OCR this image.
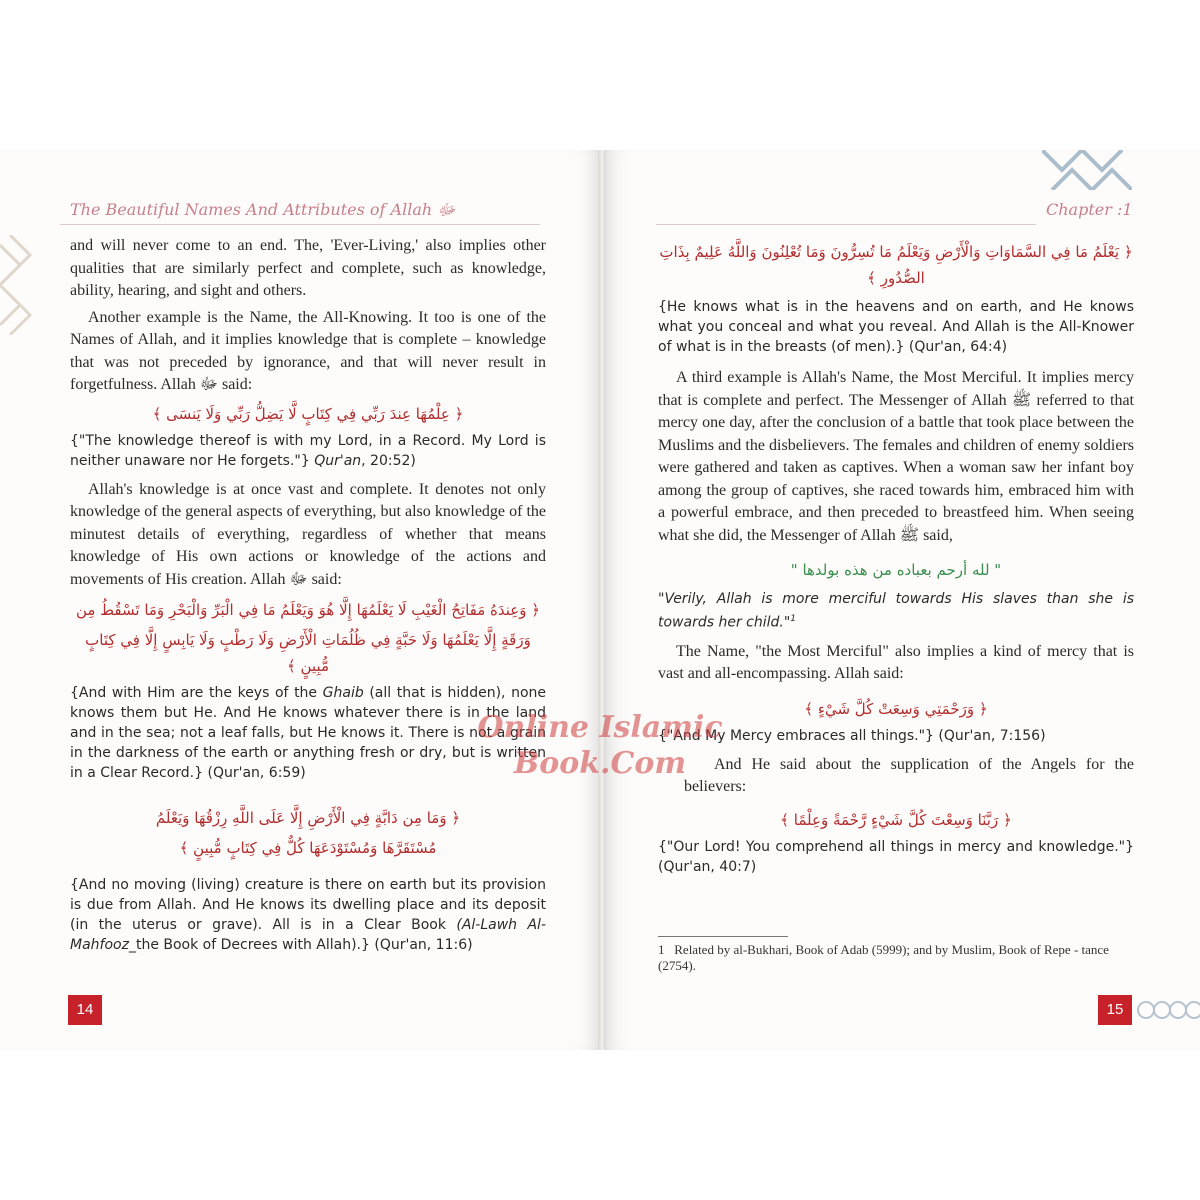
The Beautiful Names And Attributes of Allah ﷻ

and will never come to an end. The, 'Ever-Living,' also implies other qualities that are similarly perfect and complete, such as knowledge, ability, hearing, and sight and others.

Another example is the Name, the All-Knowing. It too is one of the Names of Allah, and it implies knowledge that is complete – knowledge that was not preceded by ignorance, and that will never result in forgetfulness. Allah ﷻ said:

﴿ عِلْمُهَا عِندَ رَبِّي فِي كِتَابٍ لَّا يَضِلُّ رَبِّي وَلَا يَنسَى ﴾
{"The knowledge thereof is with my Lord, in a Record. My Lord is neither unaware nor He forgets."} Qur'an, 20:52)

Allah's knowledge is at once vast and complete. It denotes not only knowledge of the general aspects of everything, but also knowledge of the minutest details of everything, regardless of whether that means knowledge of His own actions or knowledge of the actions and movements of His creation. Allah ﷻ said:

﴿ وَعِندَهُ مَفَاتِحُ الْغَيْبِ لَا يَعْلَمُهَا إِلَّا هُوَ وَيَعْلَمُ مَا فِي الْبَرِّ وَالْبَحْرِ وَمَا تَسْقُطُ مِن
وَرَقَةٍ إِلَّا يَعْلَمُهَا وَلَا حَبَّةٍ فِي ظُلُمَاتِ الْأَرْضِ وَلَا رَطْبٍ وَلَا يَابِسٍ إِلَّا فِي كِتَابٍ مُّبِينٍ ﴾
{And with Him are the keys of the Ghaib (all that is hidden), none knows them but He. And He knows whatever there is in the land and in the sea; not a leaf falls, but He knows it. There is not a grain in the darkness of the earth or anything fresh or dry, but is written in a Clear Record.} (Qur'an, 6:59)
﴿ وَمَا مِن دَابَّةٍ فِي الْأَرْضِ إِلَّا عَلَى اللَّهِ رِزْقُهَا وَيَعْلَمُ
مُسْتَقَرَّهَا وَمُسْتَوْدَعَهَا كُلٌّ فِي كِتَابٍ مُّبِينٍ ﴾
{And no moving (living) creature is there on earth but its provision is due from Allah. And He knows its dwelling place and its deposit (in the uterus or grave). All is in a Clear Book (Al-Lawh Al-Mahfooz_the Book of Decrees with Allah).} (Qur'an, 11:6)
14
Chapter :1
﴿ يَعْلَمُ مَا فِي السَّمَاوَاتِ وَالْأَرْضِ وَيَعْلَمُ مَا تُسِرُّونَ وَمَا تُعْلِنُونَ وَاللَّهُ عَلِيمٌ بِذَاتِ الصُّدُورِ ﴾
{He knows what is in the heavens and on earth, and He knows what you conceal and what you reveal. And Allah is the All-Knower of what is in the breasts (of men).} (Qur'an, 64:4)

A third example is Allah's Name, the Most Merciful. It implies mercy that is complete and perfect. The Messenger of Allah ﷺ referred to that mercy one day, after the conclusion of a battle that took place between the Muslims and the disbelievers. The females and children of enemy soldiers were gathered and taken as captives. When a woman saw her infant boy among the group of captives, she raced towards him, embraced him with a powerful embrace, and then preceded to breastfeed him. When seeing what she did, the Messenger of Allah ﷺ said,

" لله أرحم بعباده من هذه بولدها "
"Verily, Allah is more merciful towards His slaves than she is towards her child."$^1$

The Name, "the Most Merciful" also implies a kind of mercy that is vast and all-encompassing. Allah said:

﴿ وَرَحْمَتِي وَسِعَتْ كُلَّ شَيْءٍ ﴾
{"And My Mercy embraces all things."} (Qur'an, 7:156)

And He said about the supplication of the Angels for the believers:

﴿ رَبَّنَا وَسِعْتَ كُلَّ شَيْءٍ رَّحْمَةً وَعِلْمًا ﴾
{"Our Lord! You comprehend all things in mercy and knowledge."} (Qur'an, 40:7)
1 Related by al-Bukhari, Book of Adab (5999); and by Muslim, Book of Repe - tance (2754).
15
Online Islamic
Book.Com
